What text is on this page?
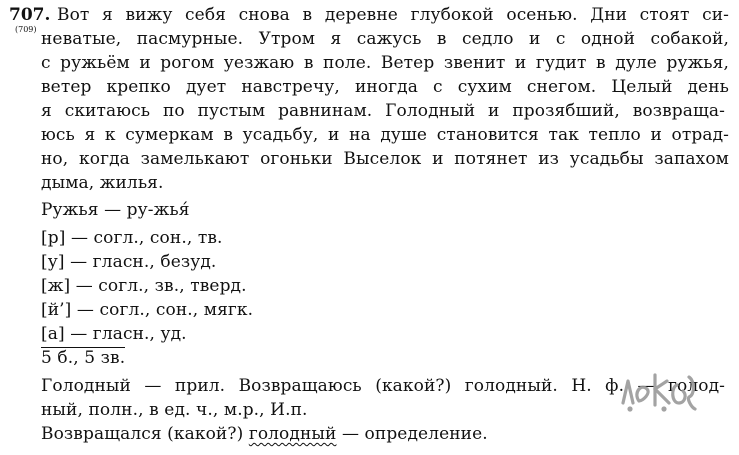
707.
(709)
Вот я вижу себя снова в деревне глубокой осенью. Дни стоят си-
неватые, пасмурные. Утром я сажусь в седло и с одной собакой,
с ружьём и рогом уезжаю в поле. Ветер звенит и гудит в дуле ружья,
ветер крепко дует навстречу, иногда с сухим снегом. Целый день
я скитаюсь по пустым равнинам. Голодный и прозябший, возвраща-
юсь я к сумеркам в усадьбу, и на душе становится так тепло и отрад-
но, когда замелькают огоньки Выселок и потянет из усадьбы запахом
дыма, жилья.
Ружья — ру-жья́
[р] — согл., сон., тв.
[у] — гласн., безуд.
[ж] — согл., зв., тверд.
[й’] — согл., сон., мягк.
[а] — гласн., уд.
5 б., 5 зв.
Голодный — прил. Возвращаюсь (какой?) голодный. Н. ф. — голод-
ный, полн., в ед. ч., м.р., И.п.
Возвращался (какой?) голодный — определение.
